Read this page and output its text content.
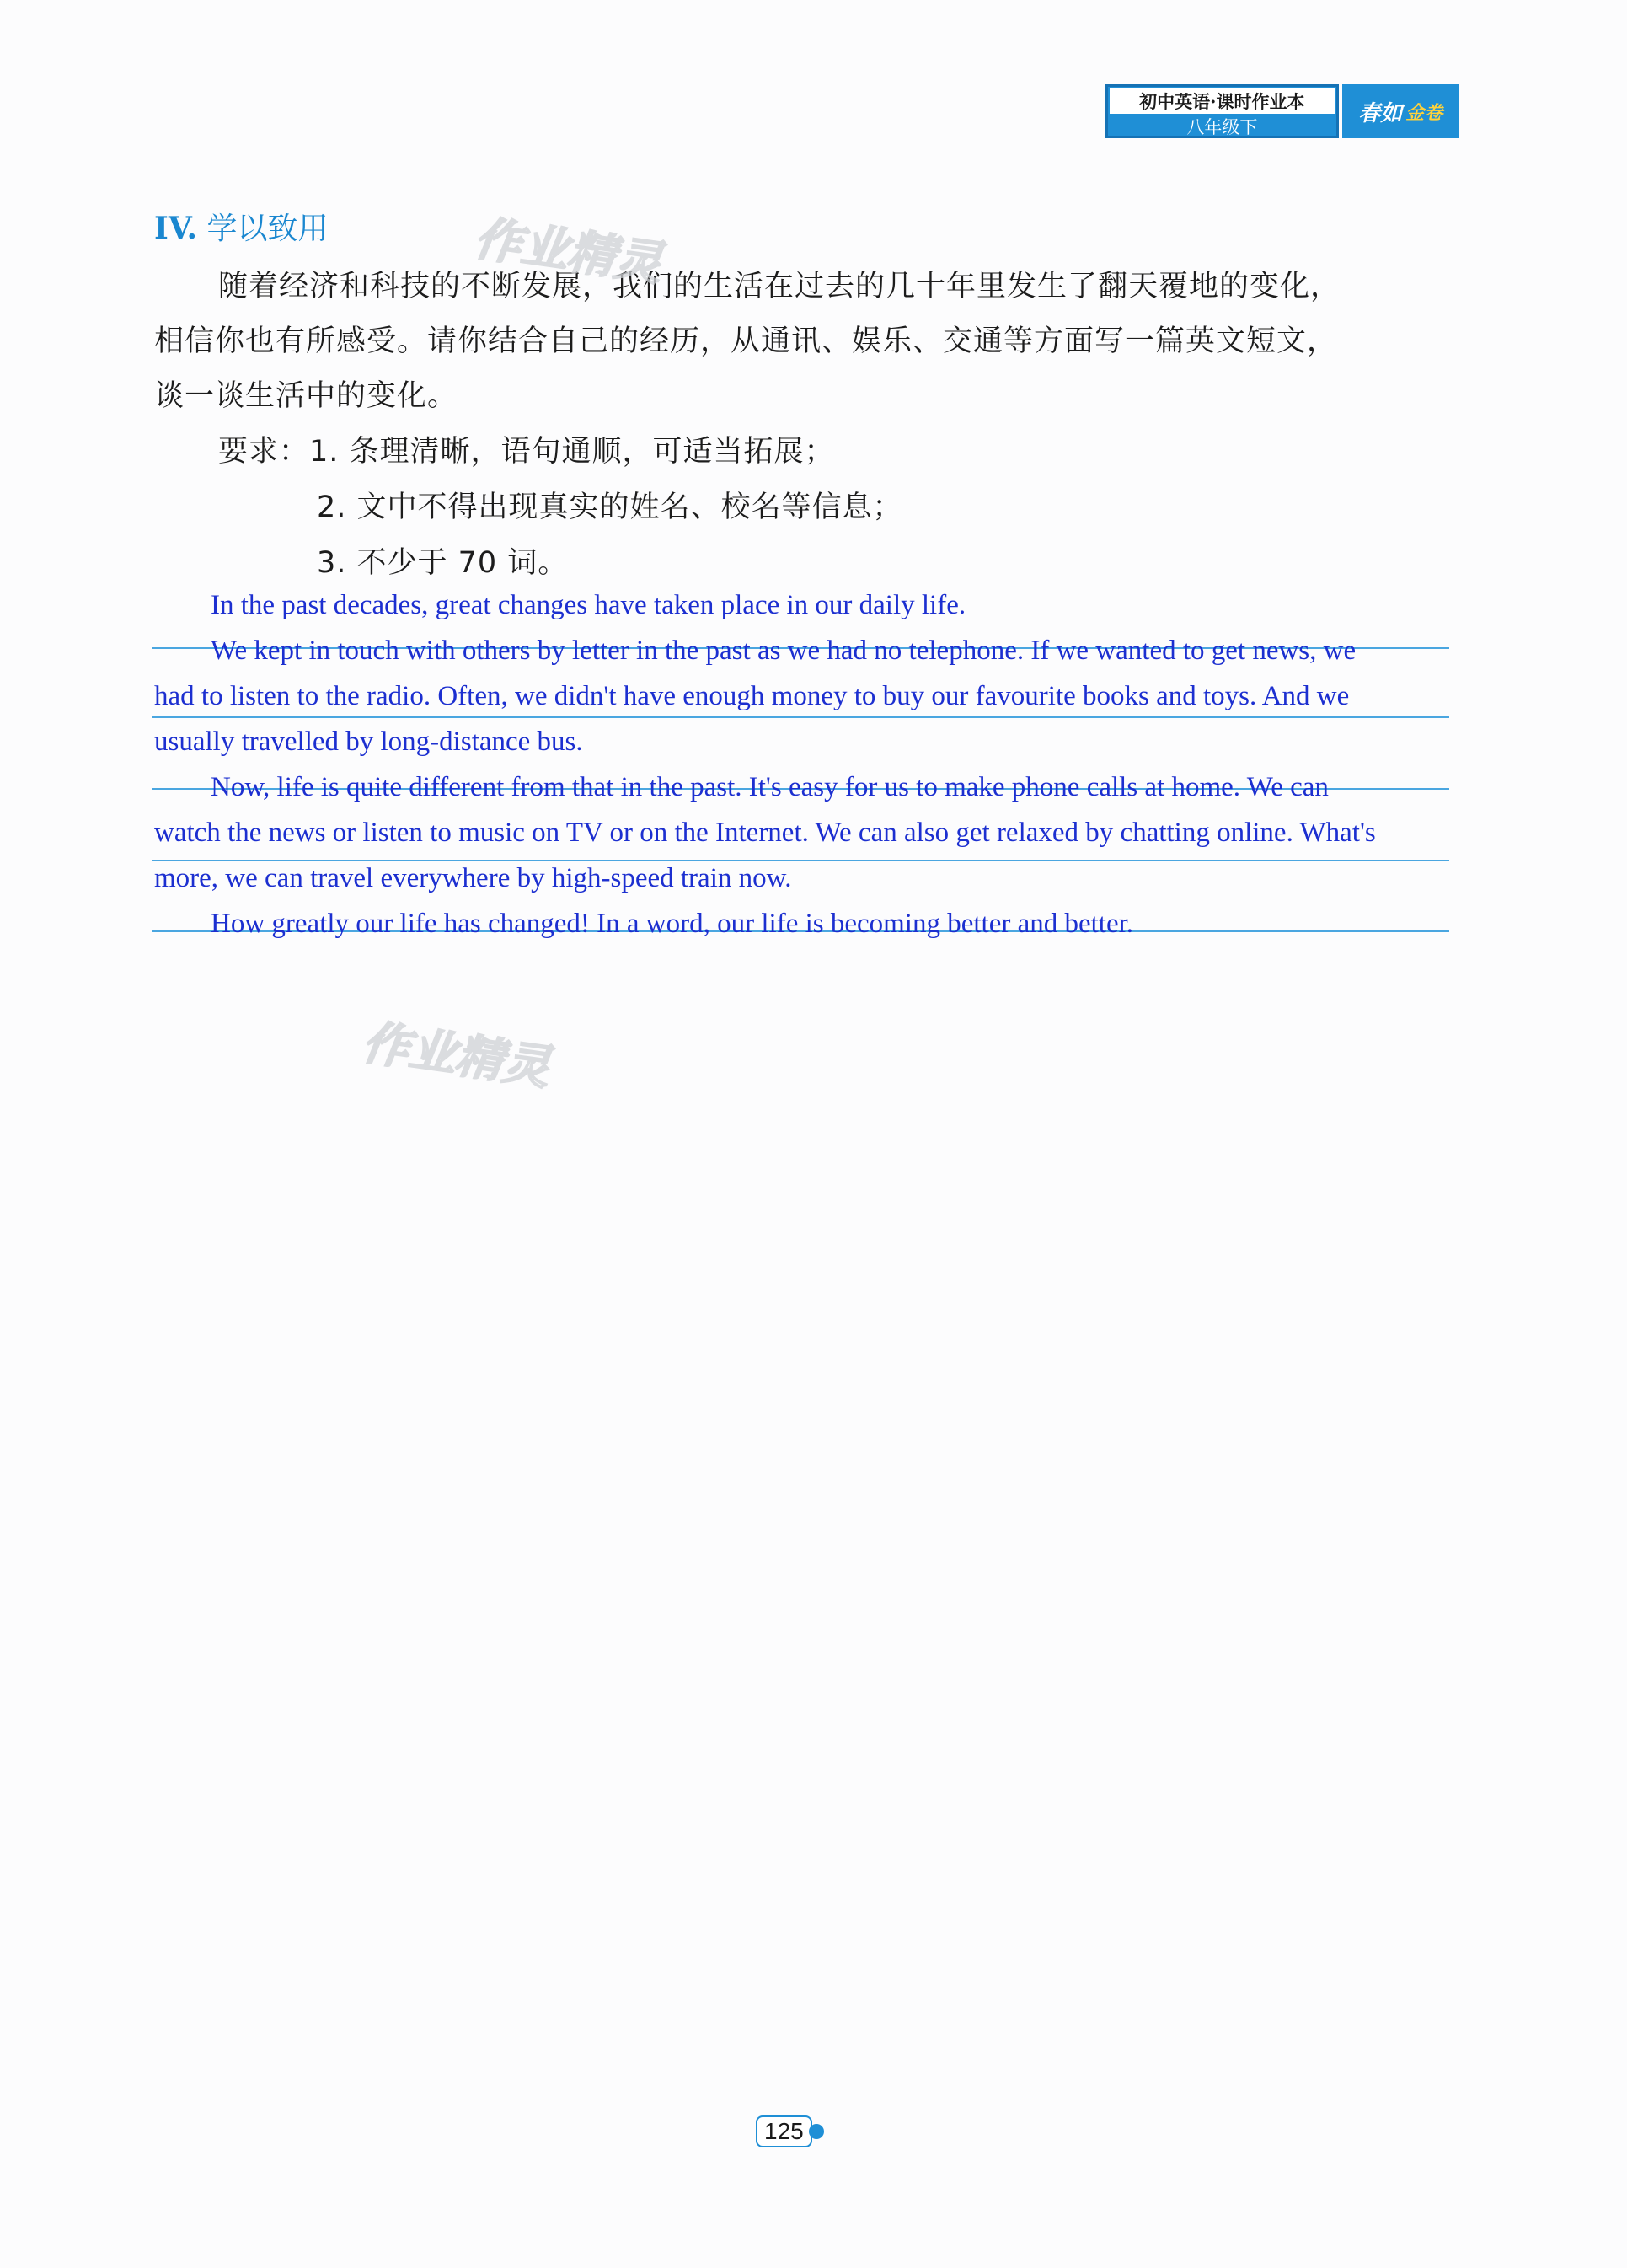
初中英语·课时作业本
八年级下
春如 金卷
IV. 学以致用
随着经济和科技的不断发展，我们的生活在过去的几十年里发生了翻天覆地的变化，
相信你也有所感受。请你结合自己的经历，从通讯、娱乐、交通等方面写一篇英文短文，
谈一谈生活中的变化。
要求：1. 条理清晰，语句通顺，可适当拓展；
2. 文中不得出现真实的姓名、校名等信息；
3. 不少于 70 词。
In the past decades, great changes have taken place in our daily life.
We kept in touch with others by letter in the past as we had no telephone. If we wanted to get news, we
had to listen to the radio. Often, we didn't have enough money to buy our favourite books and toys. And we
usually travelled by long-distance bus.
Now, life is quite different from that in the past. It's easy for us to make phone calls at home. We can
watch the news or listen to music on TV or on the Internet. We can also get relaxed by chatting online. What's
more, we can travel everywhere by high-speed train now.
How greatly our life has changed! In a word, our life is becoming better and better.
作业精灵
作业精灵
125
